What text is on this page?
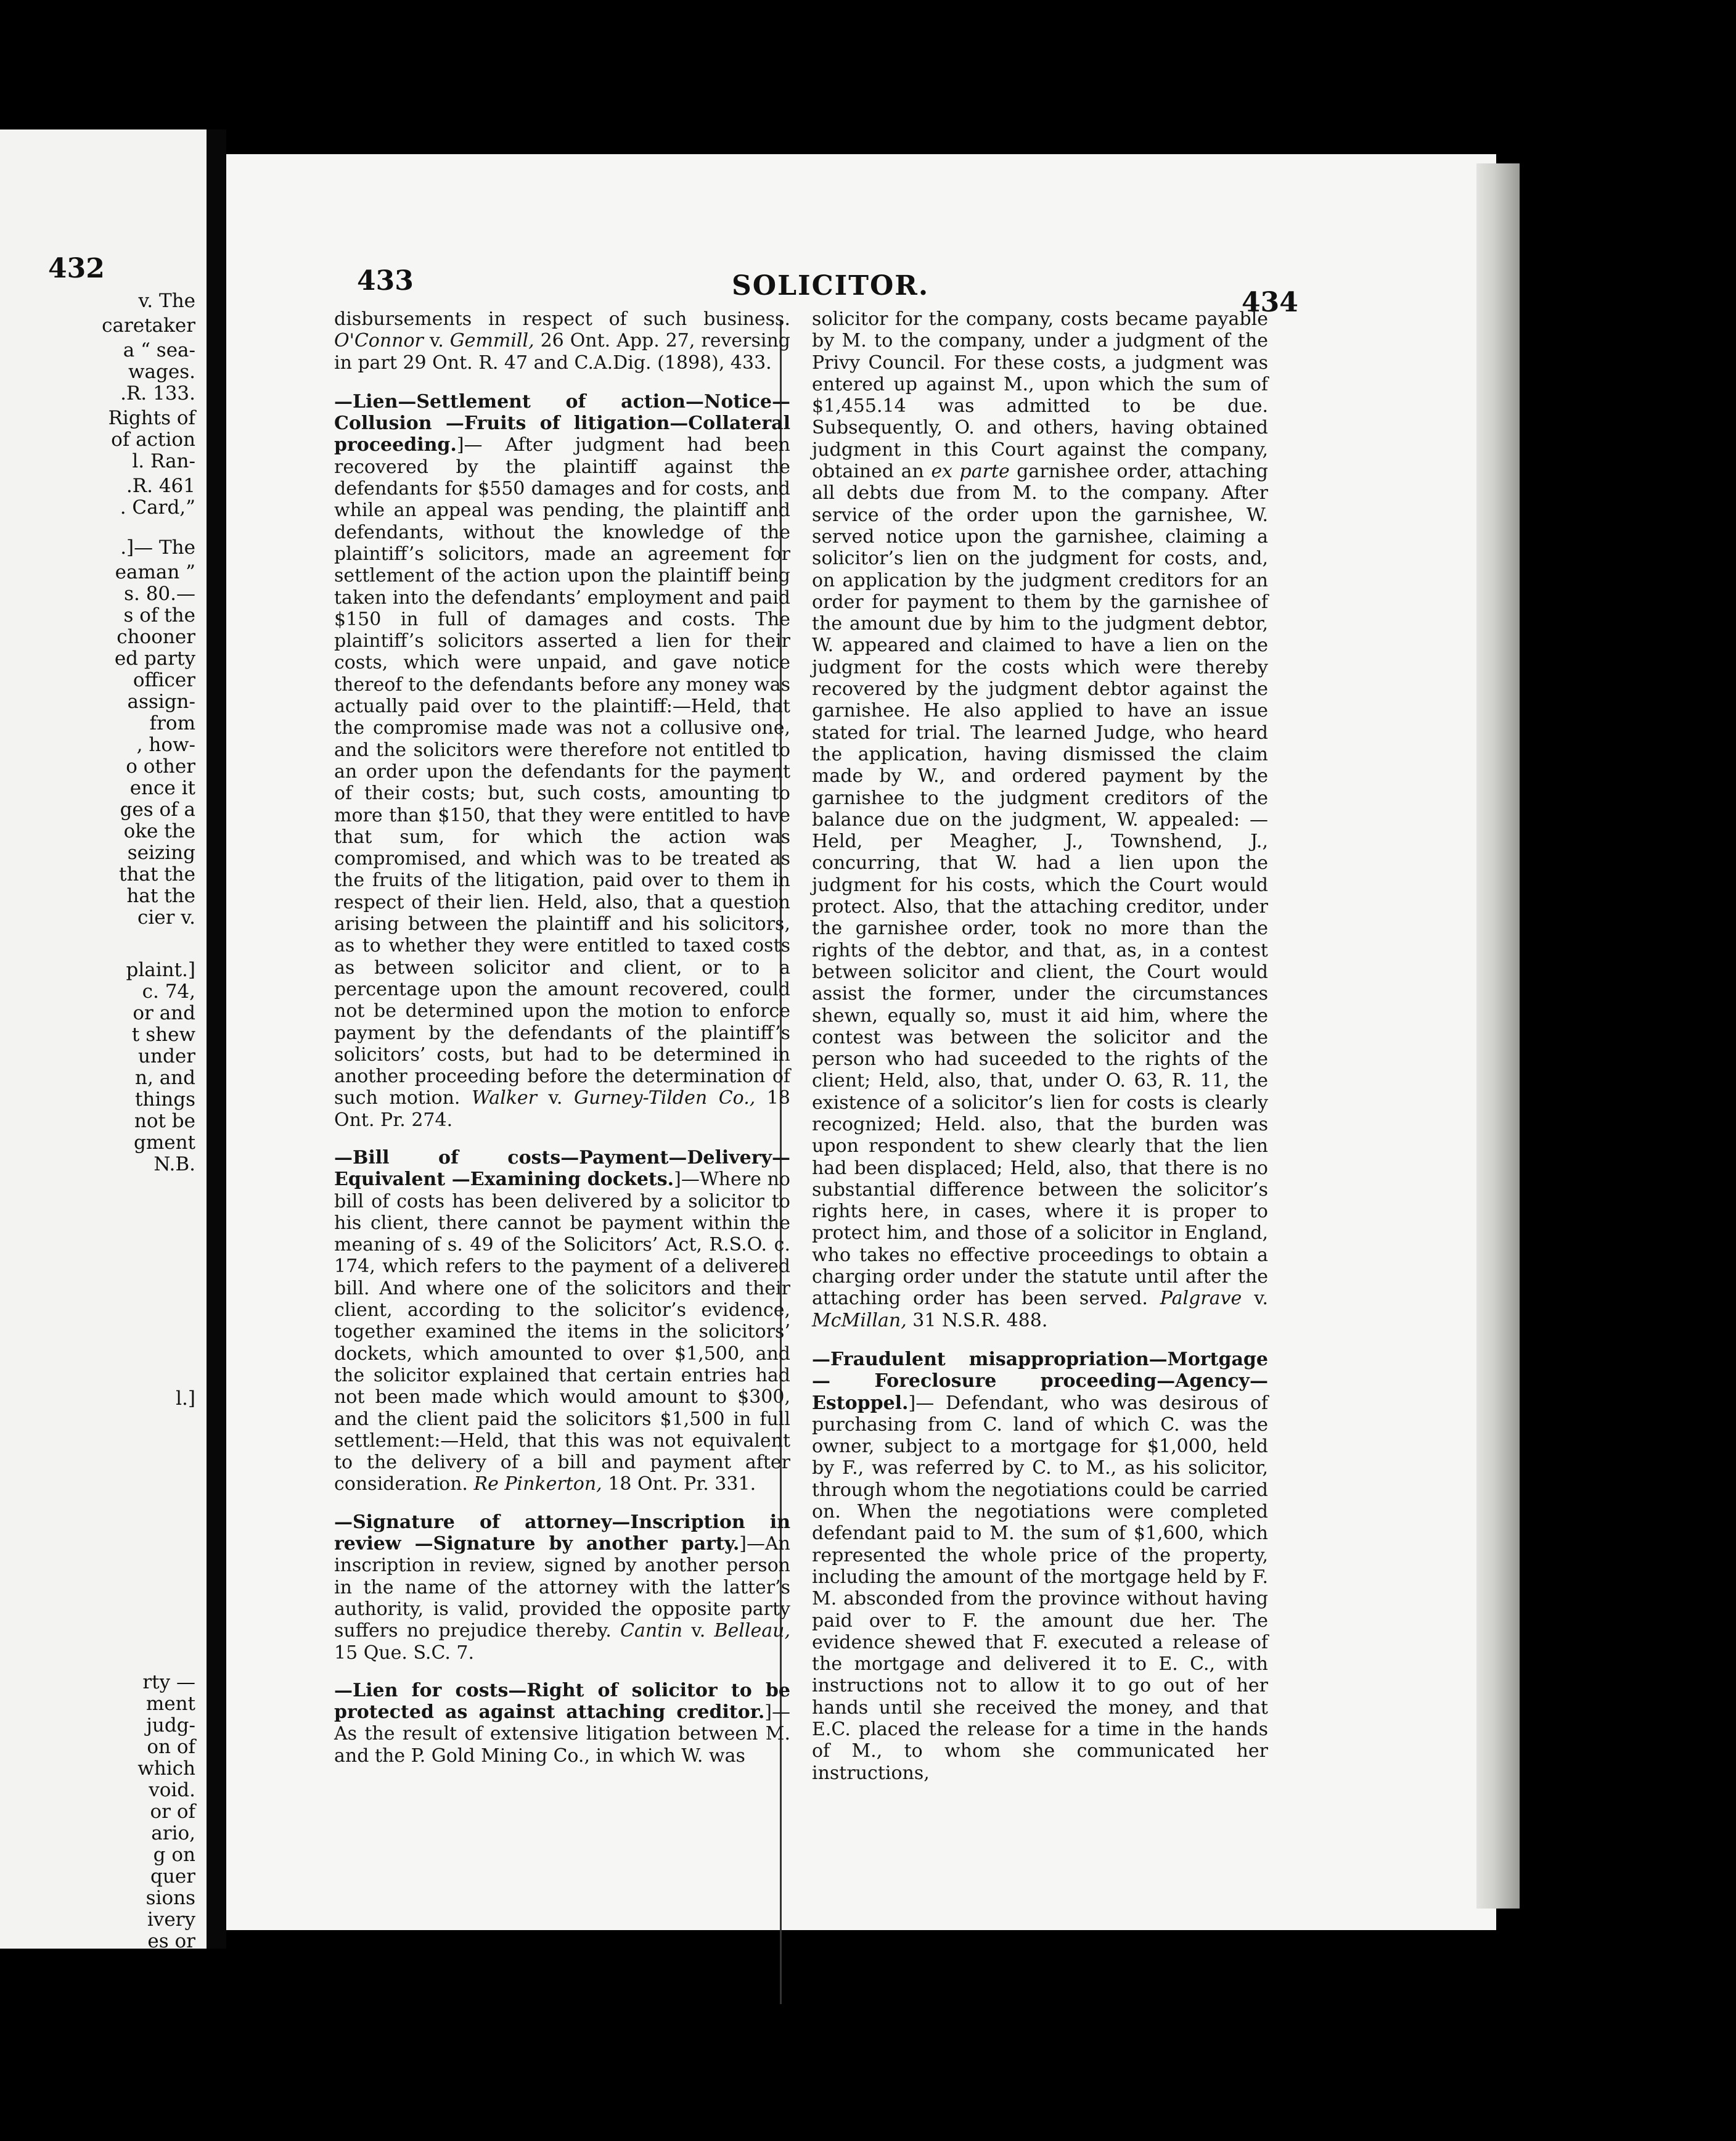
432
v. The
caretaker
a “ sea-
wages.
.R. 133.
Rights of
of action
l. Ran-
.R. 461
. Card,”
.]— The
eaman ”
s. 80.—
s of the
chooner
ed party
officer
assign-
from
, how-
o other
ence it
ges of a
oke the
seizing
that the
hat the
cier v.
plaint.]
c. 74,
or and
t shew
under
n, and
things
not be
gment
N.B.
l.]
rty —
ment
judg-
on of
which
void.
or of
ario,
g on
quer
sions
ivery
es or
433	SOLICITOR.
434

disbursements in respect of such business. O'Connor v. Gemmill, 26 Ont. App. 27, reversing in part 29 Ont. R. 47 and C.A.Dig. (1898), 433.

—Lien—Settlement of action—Notice—Collusion —Fruits of litigation—Collateral proceeding.]— After judgment had been recovered by the plaintiff against the defendants for $550 damages and for costs, and while an appeal was pending, the plaintiff and defendants, without the knowledge of the plaintiff’s solicitors, made an agreement for settlement of the action upon the plaintiff being taken into the defendants’ employment and paid $150 in full of damages and costs. The plaintiff’s solicitors asserted a lien for their costs, which were unpaid, and gave notice thereof to the defendants before any money was actually paid over to the plaintiff:—Held, that the compromise made was not a collusive one, and the solicitors were therefore not entitled to an order upon the defendants for the payment of their costs; but, such costs, amounting to more than $150, that they were entitled to have that sum, for which the action was compromised, and which was to be treated as the fruits of the litigation, paid over to them in respect of their lien. Held, also, that a question arising between the plaintiff and his solicitors, as to whether they were entitled to taxed costs as between solicitor and client, or to a percentage upon the amount recovered, could not be determined upon the motion to enforce payment by the defendants of the plaintiff’s solicitors’ costs, but had to be determined in another proceeding before the determination of such motion. Walker v. Gurney-Tilden Co., 18 Ont. Pr. 274.

—Bill of costs—Payment—Delivery—Equivalent —Examining dockets.]—Where no bill of costs has been delivered by a solicitor to his client, there cannot be payment within the meaning of s. 49 of the Solicitors’ Act, R.S.O. c. 174, which refers to the payment of a delivered bill. And where one of the solicitors and their client, according to the solicitor’s evidence, together examined the items in the solicitors’ dockets, which amounted to over $1,500, and the solicitor explained that certain entries had not been made which would amount to $300, and the client paid the solicitors $1,500 in full settlement:—Held, that this was not equivalent to the delivery of a bill and payment after consideration. Re Pinkerton, 18 Ont. Pr. 331.

—Signature of attorney—Inscription in review —Signature by another party.]—An inscription in review, signed by another person in the name of the attorney with the latter’s authority, is valid, provided the opposite party suffers no prejudice thereby. Cantin v. Belleau, 15 Que. S.C. 7.

—Lien for costs—Right of solicitor to be protected as against attaching creditor.]—As the result of extensive litigation between M. and the P. Gold Mining Co., in which W. was

solicitor for the company, costs became payable by M. to the company, under a judgment of the Privy Council. For these costs, a judgment was entered up against M., upon which the sum of $1,455.14 was admitted to be due. Subsequently, O. and others, having obtained judgment in this Court against the company, obtained an ex parte garnishee order, attaching all debts due from M. to the company. After service of the order upon the garnishee, W. served notice upon the garnishee, claiming a solicitor’s lien on the judgment for costs, and, on application by the judgment creditors for an order for payment to them by the garnishee of the amount due by him to the judgment debtor, W. appeared and claimed to have a lien on the judgment for the costs which were thereby recovered by the judgment debtor against the garnishee. He also applied to have an issue stated for trial. The learned Judge, who heard the application, having dismissed the claim made by W., and ordered payment by the garnishee to the judgment creditors of the balance due on the judgment, W. appealed: —Held, per Meagher, J., Townshend, J., concurring, that W. had a lien upon the judgment for his costs, which the Court would protect. Also, that the attaching creditor, under the garnishee order, took no more than the rights of the debtor, and that, as, in a contest between solicitor and client, the Court would assist the former, under the circumstances shewn, equally so, must it aid him, where the contest was between the solicitor and the person who had suceeded to the rights of the client; Held, also, that, under O. 63, R. 11, the existence of a solicitor’s lien for costs is clearly recognized; Held. also, that the burden was upon respondent to shew clearly that the lien had been displaced; Held, also, that there is no substantial difference between the solicitor’s rights here, in cases, where it is proper to protect him, and those of a solicitor in England, who takes no effective proceedings to obtain a charging order under the statute until after the attaching order has been served. Palgrave v. McMillan, 31 N.S.R. 488.

—Fraudulent misappropriation—Mortgage— Foreclosure proceeding—Agency—Estoppel.]— Defendant, who was desirous of purchasing from C. land of which C. was the owner, subject to a mortgage for $1,000, held by F., was referred by C. to M., as his solicitor, through whom the negotiations could be carried on. When the negotiations were completed defendant paid to M. the sum of $1,600, which represented the whole price of the property, including the amount of the mortgage held by F. M. absconded from the province without having paid over to F. the amount due her. The evidence shewed that F. executed a release of the mortgage and delivered it to E. C., with instructions not to allow it to go out of her hands until she received the money, and that E.C. placed the release for a time in the hands of M., to whom she communicated her instructions,
